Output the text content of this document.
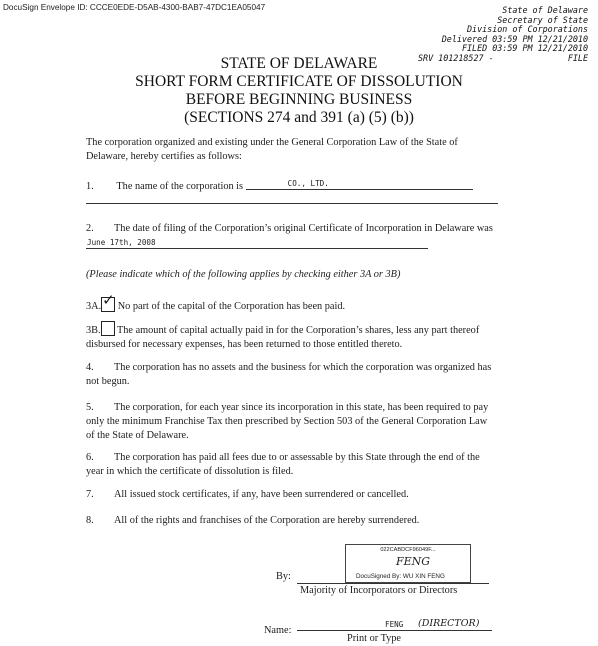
DocuSign Envelope ID: CCCE0EDE-D5AB-4300-BAB7-47DC1EA05047	State of Delaware
Secretary of State
Division of Corporations
Delivered 03:59 PM 12/21/2010
FILED 03:59 PM 12/21/2010
SRV 101218527 -	FILE
STATE OF DELAWARE
SHORT FORM CERTIFICATE OF DISSOLUTION
BEFORE BEGINNING BUSINESS
(SECTIONS 274 and 391 (a) (5) (b))
The corporation organized and existing under the General Corporation Law of the State of Delaware, hereby certifies as follows:
1. The name of the corporation is	CO., LTD.
2. The date of filing of the Corporation’s original Certificate of Incorporation in Delaware was
June 17th, 2008
(Please indicate which of the following applies by checking either 3A or 3B)
3A. ✓ No part of the capital of the Corporation has been paid.
3B. The amount of capital actually paid in for the Corporation’s shares, less any part thereof disbursed for necessary expenses, has been returned to those entitled thereto.
4. The corporation has no assets and the business for which the corporation was organized has not begun.
5. The corporation, for each year since its incorporation in this state, has been required to pay only the minimum Franchise Tax then prescribed by Section 503 of the General Corporation Law of the State of Delaware.
6. The corporation has paid all fees due to or assessable by this State through the end of the year in which the certificate of dissolution is filed.
7. All issued stock certificates, if any, have been surrendered or cancelled.
8. All of the rights and franchises of the Corporation are hereby surrendered.
022CABDCF96049F...
FENG
DocuSigned By: WU XIN FENG
By:
Majority of Incorporators or Directors
Name:
FENG (DIRECTOR)
Print or Type
